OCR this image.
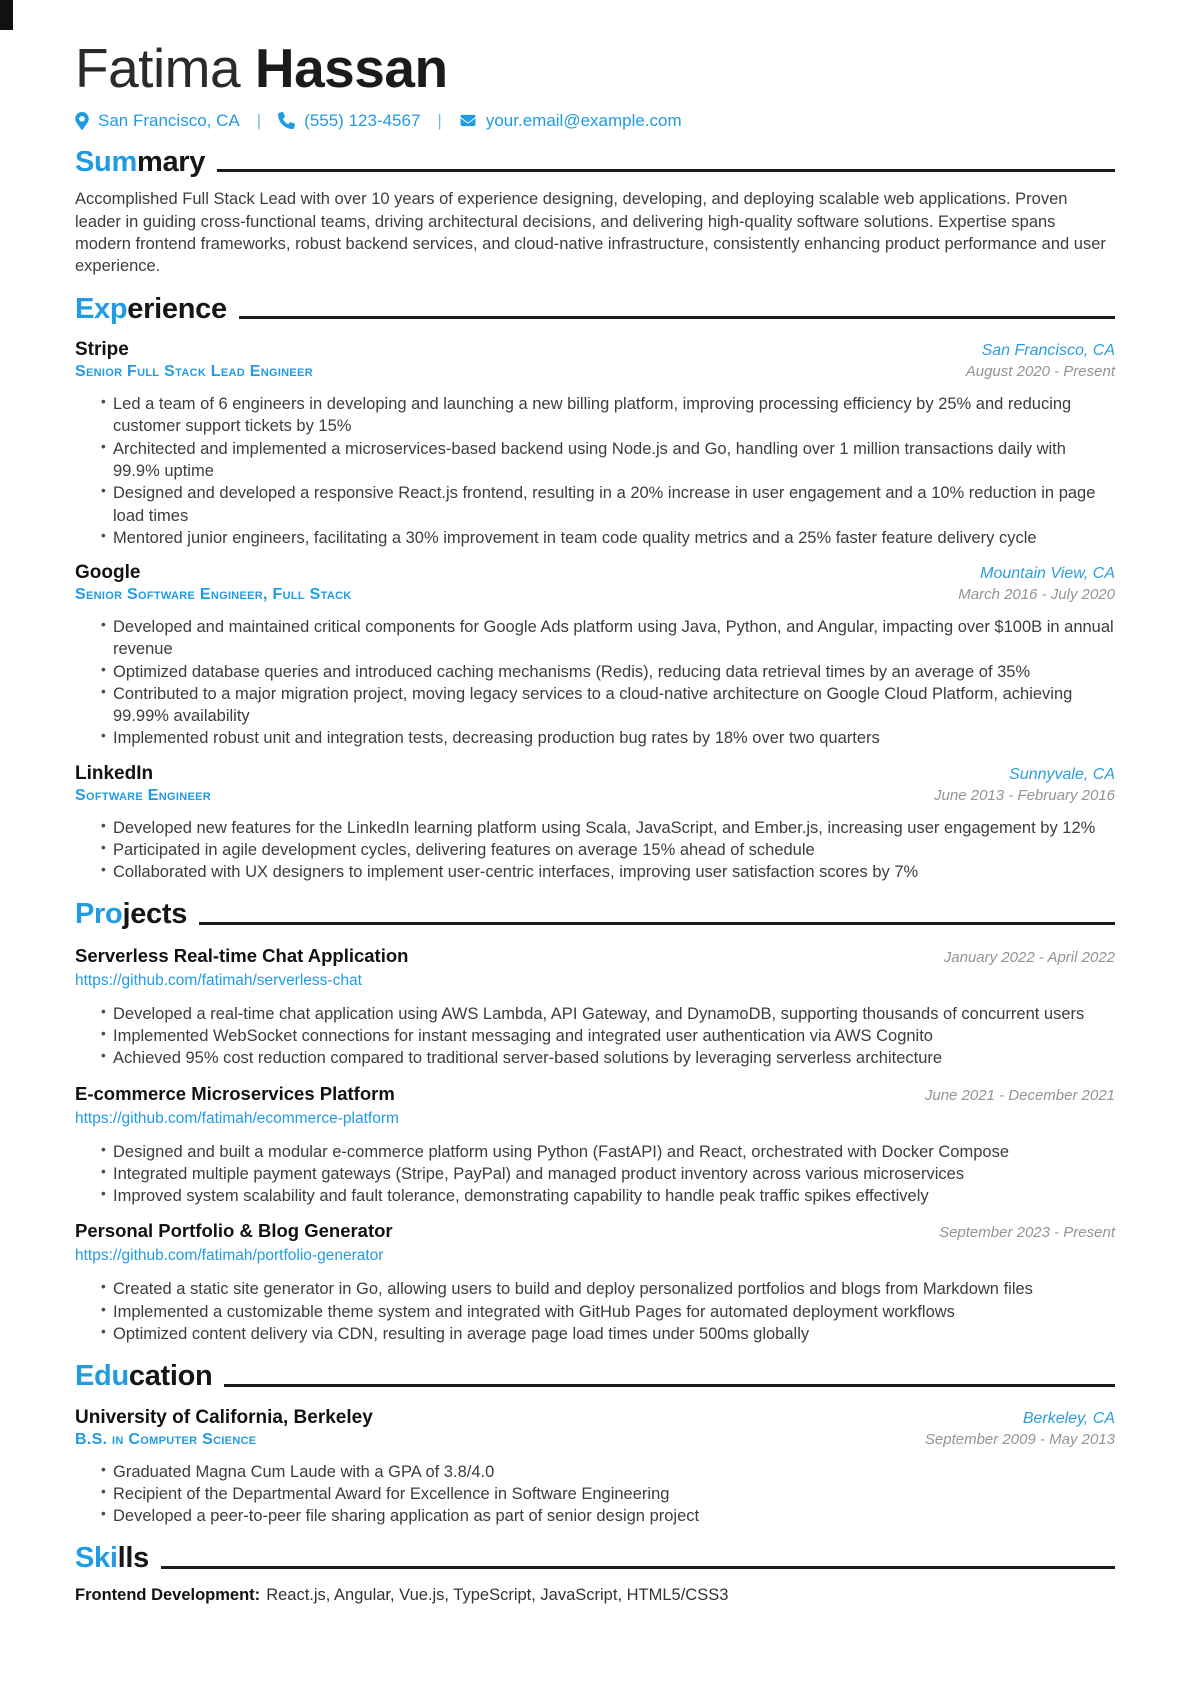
Fatima Hassan
San Francisco, CA |	(555) 123-4567 |	your.email@example.com
Summary

Accomplished Full Stack Lead with over 10 years of experience designing, developing, and deploying scalable web applications. Proven leader in guiding cross-functional teams, driving architectural decisions, and delivering high-quality software solutions. Expertise spans modern frontend frameworks, robust backend services, and cloud-native infrastructure, consistently enhancing product performance and user experience.

Experience
Stripe	San Francisco, CA
Senior Full Stack Lead Engineer	August 2020 - Present
• Led a team of 6 engineers in developing and launching a new billing platform, improving processing efficiency by 25% and reducing customer support tickets by 15%
• Architected and implemented a microservices-based backend using Node.js and Go, handling over 1 million transactions daily with 99.9% uptime
• Designed and developed a responsive React.js frontend, resulting in a 20% increase in user engagement and a 10% reduction in page load times
• Mentored junior engineers, facilitating a 30% improvement in team code quality metrics and a 25% faster feature delivery cycle
Google	Mountain View, CA
Senior Software Engineer, Full Stack	March 2016 - July 2020
• Developed and maintained critical components for Google Ads platform using Java, Python, and Angular, impacting over $100B in annual revenue
• Optimized database queries and introduced caching mechanisms (Redis), reducing data retrieval times by an average of 35%
• Contributed to a major migration project, moving legacy services to a cloud-native architecture on Google Cloud Platform, achieving 99.99% availability
• Implemented robust unit and integration tests, decreasing production bug rates by 18% over two quarters
LinkedIn	Sunnyvale, CA
Software Engineer	June 2013 - February 2016
• Developed new features for the LinkedIn learning platform using Scala, JavaScript, and Ember.js, increasing user engagement by 12%
• Participated in agile development cycles, delivering features on average 15% ahead of schedule
• Collaborated with UX designers to implement user-centric interfaces, improving user satisfaction scores by 7%
Projects
Serverless Real-time Chat Application	January 2022 - April 2022
https://github.com/fatimah/serverless-chat
• Developed a real-time chat application using AWS Lambda, API Gateway, and DynamoDB, supporting thousands of concurrent users
• Implemented WebSocket connections for instant messaging and integrated user authentication via AWS Cognito
• Achieved 95% cost reduction compared to traditional server-based solutions by leveraging serverless architecture
E-commerce Microservices Platform	June 2021 - December 2021
https://github.com/fatimah/ecommerce-platform
• Designed and built a modular e-commerce platform using Python (FastAPI) and React, orchestrated with Docker Compose
• Integrated multiple payment gateways (Stripe, PayPal) and managed product inventory across various microservices
• Improved system scalability and fault tolerance, demonstrating capability to handle peak traffic spikes effectively
Personal Portfolio & Blog Generator	September 2023 - Present
https://github.com/fatimah/portfolio-generator
• Created a static site generator in Go, allowing users to build and deploy personalized portfolios and blogs from Markdown files
• Implemented a customizable theme system and integrated with GitHub Pages for automated deployment workflows
• Optimized content delivery via CDN, resulting in average page load times under 500ms globally
Education
University of California, Berkeley	Berkeley, CA
B.S. in Computer Science	September 2009 - May 2013
• Graduated Magna Cum Laude with a GPA of 3.8/4.0
• Recipient of the Departmental Award for Excellence in Software Engineering
• Developed a peer-to-peer file sharing application as part of senior design project
Skills

Frontend Development: React.js, Angular, Vue.js, TypeScript, JavaScript, HTML5/CSS3
